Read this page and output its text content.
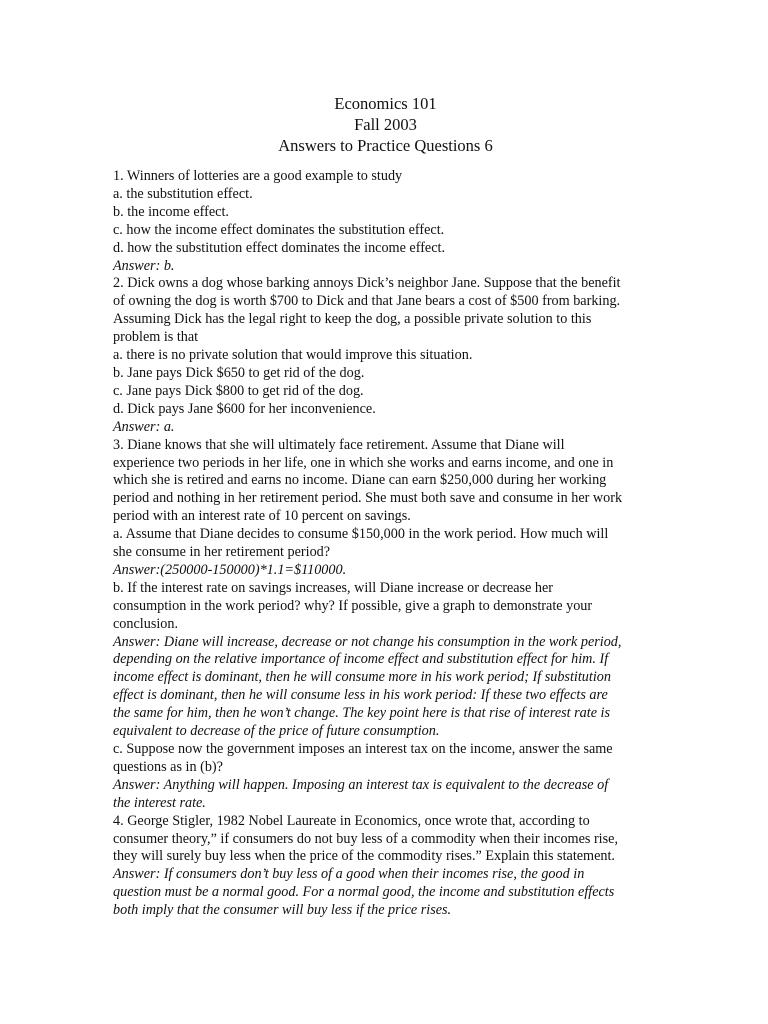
Economics 101
Fall 2003
Answers to Practice Questions 6
1. Winners of lotteries are a good example to study
a. the substitution effect.
b. the income effect.
c. how the income effect dominates the substitution effect.
d. how the substitution effect dominates the income effect.
Answer: b.
2. Dick owns a dog whose barking annoys Dick’s neighbor Jane. Suppose that the benefit
of owning the dog is worth $700 to Dick and that Jane bears a cost of $500 from barking.
Assuming Dick has the legal right to keep the dog, a possible private solution to this
problem is that
a. there is no private solution that would improve this situation.
b. Jane pays Dick $650 to get rid of the dog.
c. Jane pays Dick $800 to get rid of the dog.
d. Dick pays Jane $600 for her inconvenience.
Answer: a.
3. Diane knows that she will ultimately face retirement. Assume that Diane will
experience two periods in her life, one in which she works and earns income, and one in
which she is retired and earns no income. Diane can earn $250,000 during her working
period and nothing in her retirement period. She must both save and consume in her work
period with an interest rate of 10 percent on savings.
a. Assume that Diane decides to consume $150,000 in the work period. How much will
she consume in her retirement period?
Answer:(250000-150000)*1.1=$110000.
b. If the interest rate on savings increases, will Diane increase or decrease her
consumption in the work period? why? If possible, give a graph to demonstrate your
conclusion.
Answer: Diane will increase, decrease or not change his consumption in the work period,
depending on the relative importance of income effect and substitution effect for him. If
income effect is dominant, then he will consume more in his work period; If substitution
effect is dominant, then he will consume less in his work period: If these two effects are
the same for him, then he won’t change. The key point here is that rise of interest rate is
equivalent to decrease of the price of future consumption.
c. Suppose now the government imposes an interest tax on the income, answer the same
questions as in (b)?
Answer: Anything will happen. Imposing an interest tax is equivalent to the decrease of
the interest rate.
4. George Stigler, 1982 Nobel Laureate in Economics, once wrote that, according to
consumer theory,” if consumers do not buy less of a commodity when their incomes rise,
they will surely buy less when the price of the commodity rises.” Explain this statement.
Answer: If consumers don’t buy less of a good when their incomes rise, the good in
question must be a normal good. For a normal good, the income and substitution effects
both imply that the consumer will buy less if the price rises.
